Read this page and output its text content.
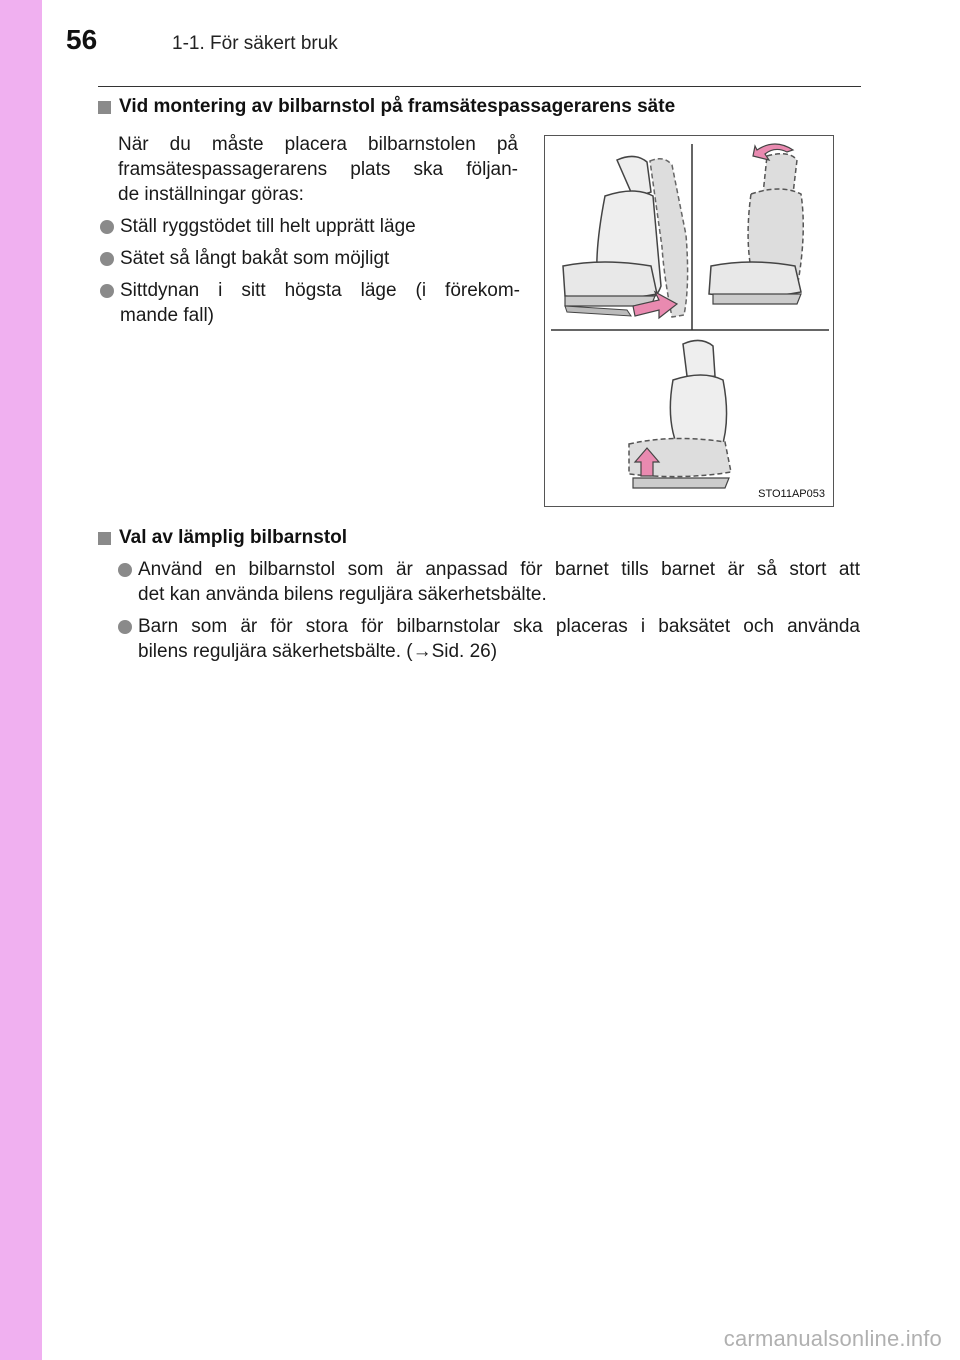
56	1-1. För säkert bruk
Vid montering av bilbarnstol på framsätespassagerarens säte
När du måste placera bilbarnstolen på
framsätespassagerarens plats ska följan-
de inställningar göras:
Ställ ryggstödet till helt upprätt läge
Sätet så långt bakåt som möjligt
Sittdynan i sitt högsta läge (i förekom-
mande fall)
STO11AP053
Val av lämplig bilbarnstol
Använd en bilbarnstol som är anpassad för barnet tills barnet är så stort att
det kan använda bilens reguljära säkerhetsbälte.
Barn som är för stora för bilbarnstolar ska placeras i baksätet och använda
bilens reguljära säkerhetsbälte. (→Sid. 26)
carmanualsonline.info
